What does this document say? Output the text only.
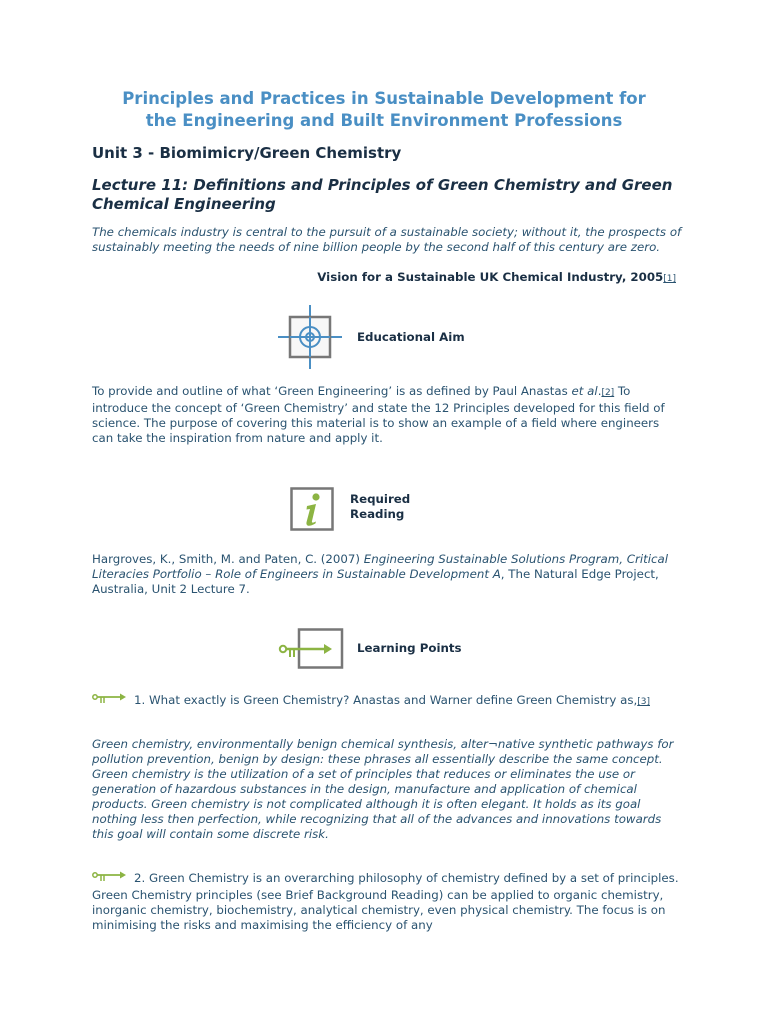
Principles and Practices in Sustainable Development for
the Engineering and Built Environment Professions
Unit 3 - Biomimicry/Green Chemistry
Lecture 11: Definitions and Principles of Green Chemistry and Green Chemical Engineering

The chemicals industry is central to the pursuit of a sustainable society; without it, the prospects of sustainably meeting the needs of nine billion people by the second half of this century are zero.

Vision for a Sustainable UK Chemical Industry, 2005[1]

Educational Aim

To provide and outline of what ‘Green Engineering’ is as defined by Paul Anastas et al.[2] To introduce the concept of ‘Green Chemistry’ and state the 12 Principles developed for this field of science. The purpose of covering this material is to show an example of a field where engineers can take the inspiration from nature and apply it.

Required
Reading

Hargroves, K., Smith, M. and Paten, C. (2007) Engineering Sustainable Solutions Program, Critical Literacies Portfolio – Role of Engineers in Sustainable Development A, The Natural Edge Project, Australia, Unit 2 Lecture 7.

Learning Points

1. What exactly is Green Chemistry? Anastas and Warner define Green Chemistry as,[3]

Green chemistry, environmentally benign chemical synthesis, alter¬native synthetic pathways for pollution prevention, benign by design: these phrases all essentially describe the same concept. Green chemistry is the utilization of a set of principles that reduces or eliminates the use or generation of hazardous substances in the design, manufacture and application of chemical products. Green chemistry is not complicated although it is often elegant. It holds as its goal nothing less then perfection, while recognizing that all of the advances and innovations towards this goal will contain some discrete risk.

2. Green Chemistry is an overarching philosophy of chemistry defined by a set of principles. Green Chemistry principles (see Brief Background Reading) can be applied to organic chemistry, inorganic chemistry, biochemistry, analytical chemistry, even physical chemistry. The focus is on minimising the risks and maximising the efficiency of any
